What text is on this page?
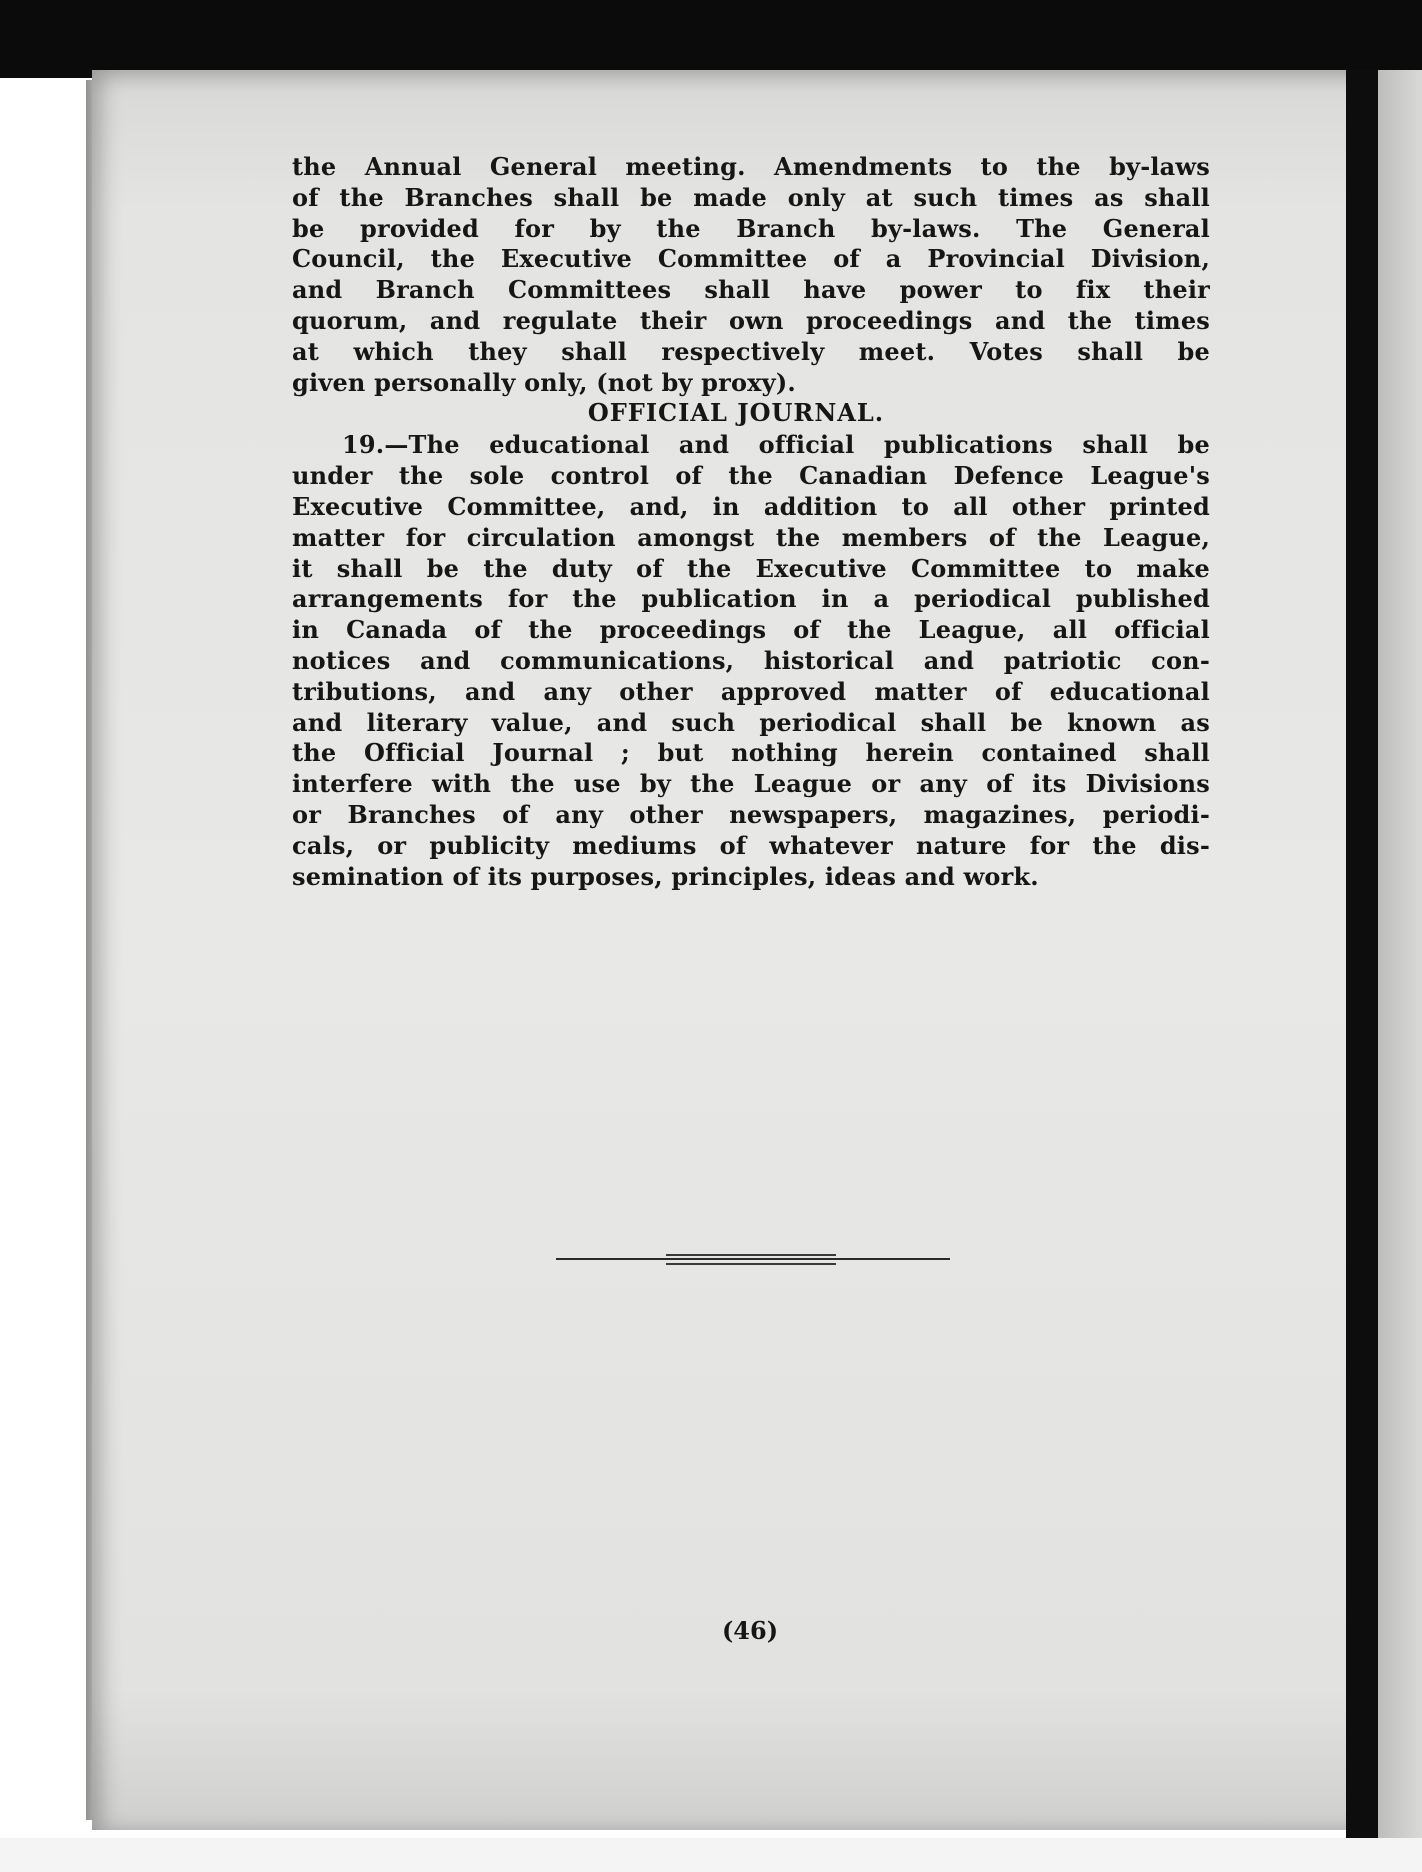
the Annual General meeting. Amendments to the by-laws
of the Branches shall be made only at such times as shall
be provided for by the Branch by-laws. The General
Council, the Executive Committee of a Provincial Division,
and Branch Committees shall have power to fix their
quorum, and regulate their own proceedings and the times
at which they shall respectively meet. Votes shall be
given personally only, (not by proxy).
OFFICIAL JOURNAL.
19.—The educational and official publications shall be
under the sole control of the Canadian Defence League's
Executive Committee, and, in addition to all other printed
matter for circulation amongst the members of the League,
it shall be the duty of the Executive Committee to make
arrangements for the publication in a periodical published
in Canada of the proceedings of the League, all official
notices and communications, historical and patriotic con-
tributions, and any other approved matter of educational
and literary value, and such periodical shall be known as
the Official Journal ; but nothing herein contained shall
interfere with the use by the League or any of its Divisions
or Branches of any other newspapers, magazines, periodi-
cals, or publicity mediums of whatever nature for the dis-
semination of its purposes, principles, ideas and work.
(46)
